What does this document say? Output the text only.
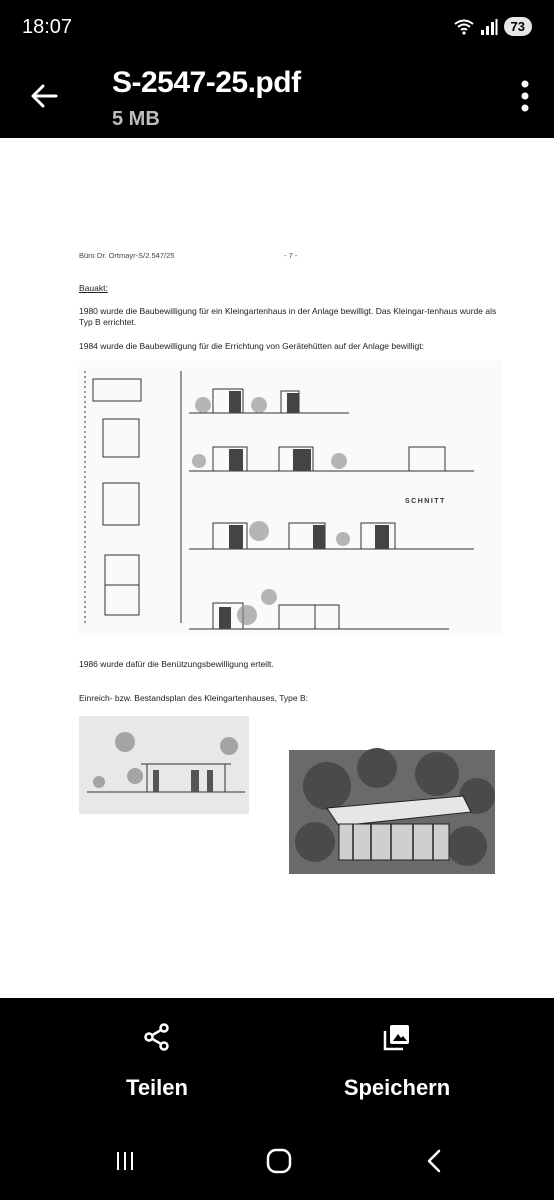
18:07	73
S-2547-25.pdf
5 MB
Büro Dr. Ortmayr-S/2.547/25	- 7 -
Bauakt:
1980 wurde die Baubewilligung für ein Kleingartenhaus in der Anlage bewilligt. Das Kleingar-tenhaus wurde als Typ B errichtet.
1984 wurde die Baubewilligung für die Errichtung von Gerätehütten auf der Anlage bewilligt:
SCHNITT
1986 wurde dafür die Benützungsbewilligung erteilt.
Einreich- bzw. Bestandsplan des Kleingartenhauses, Type B:
Teilen	Speichern
